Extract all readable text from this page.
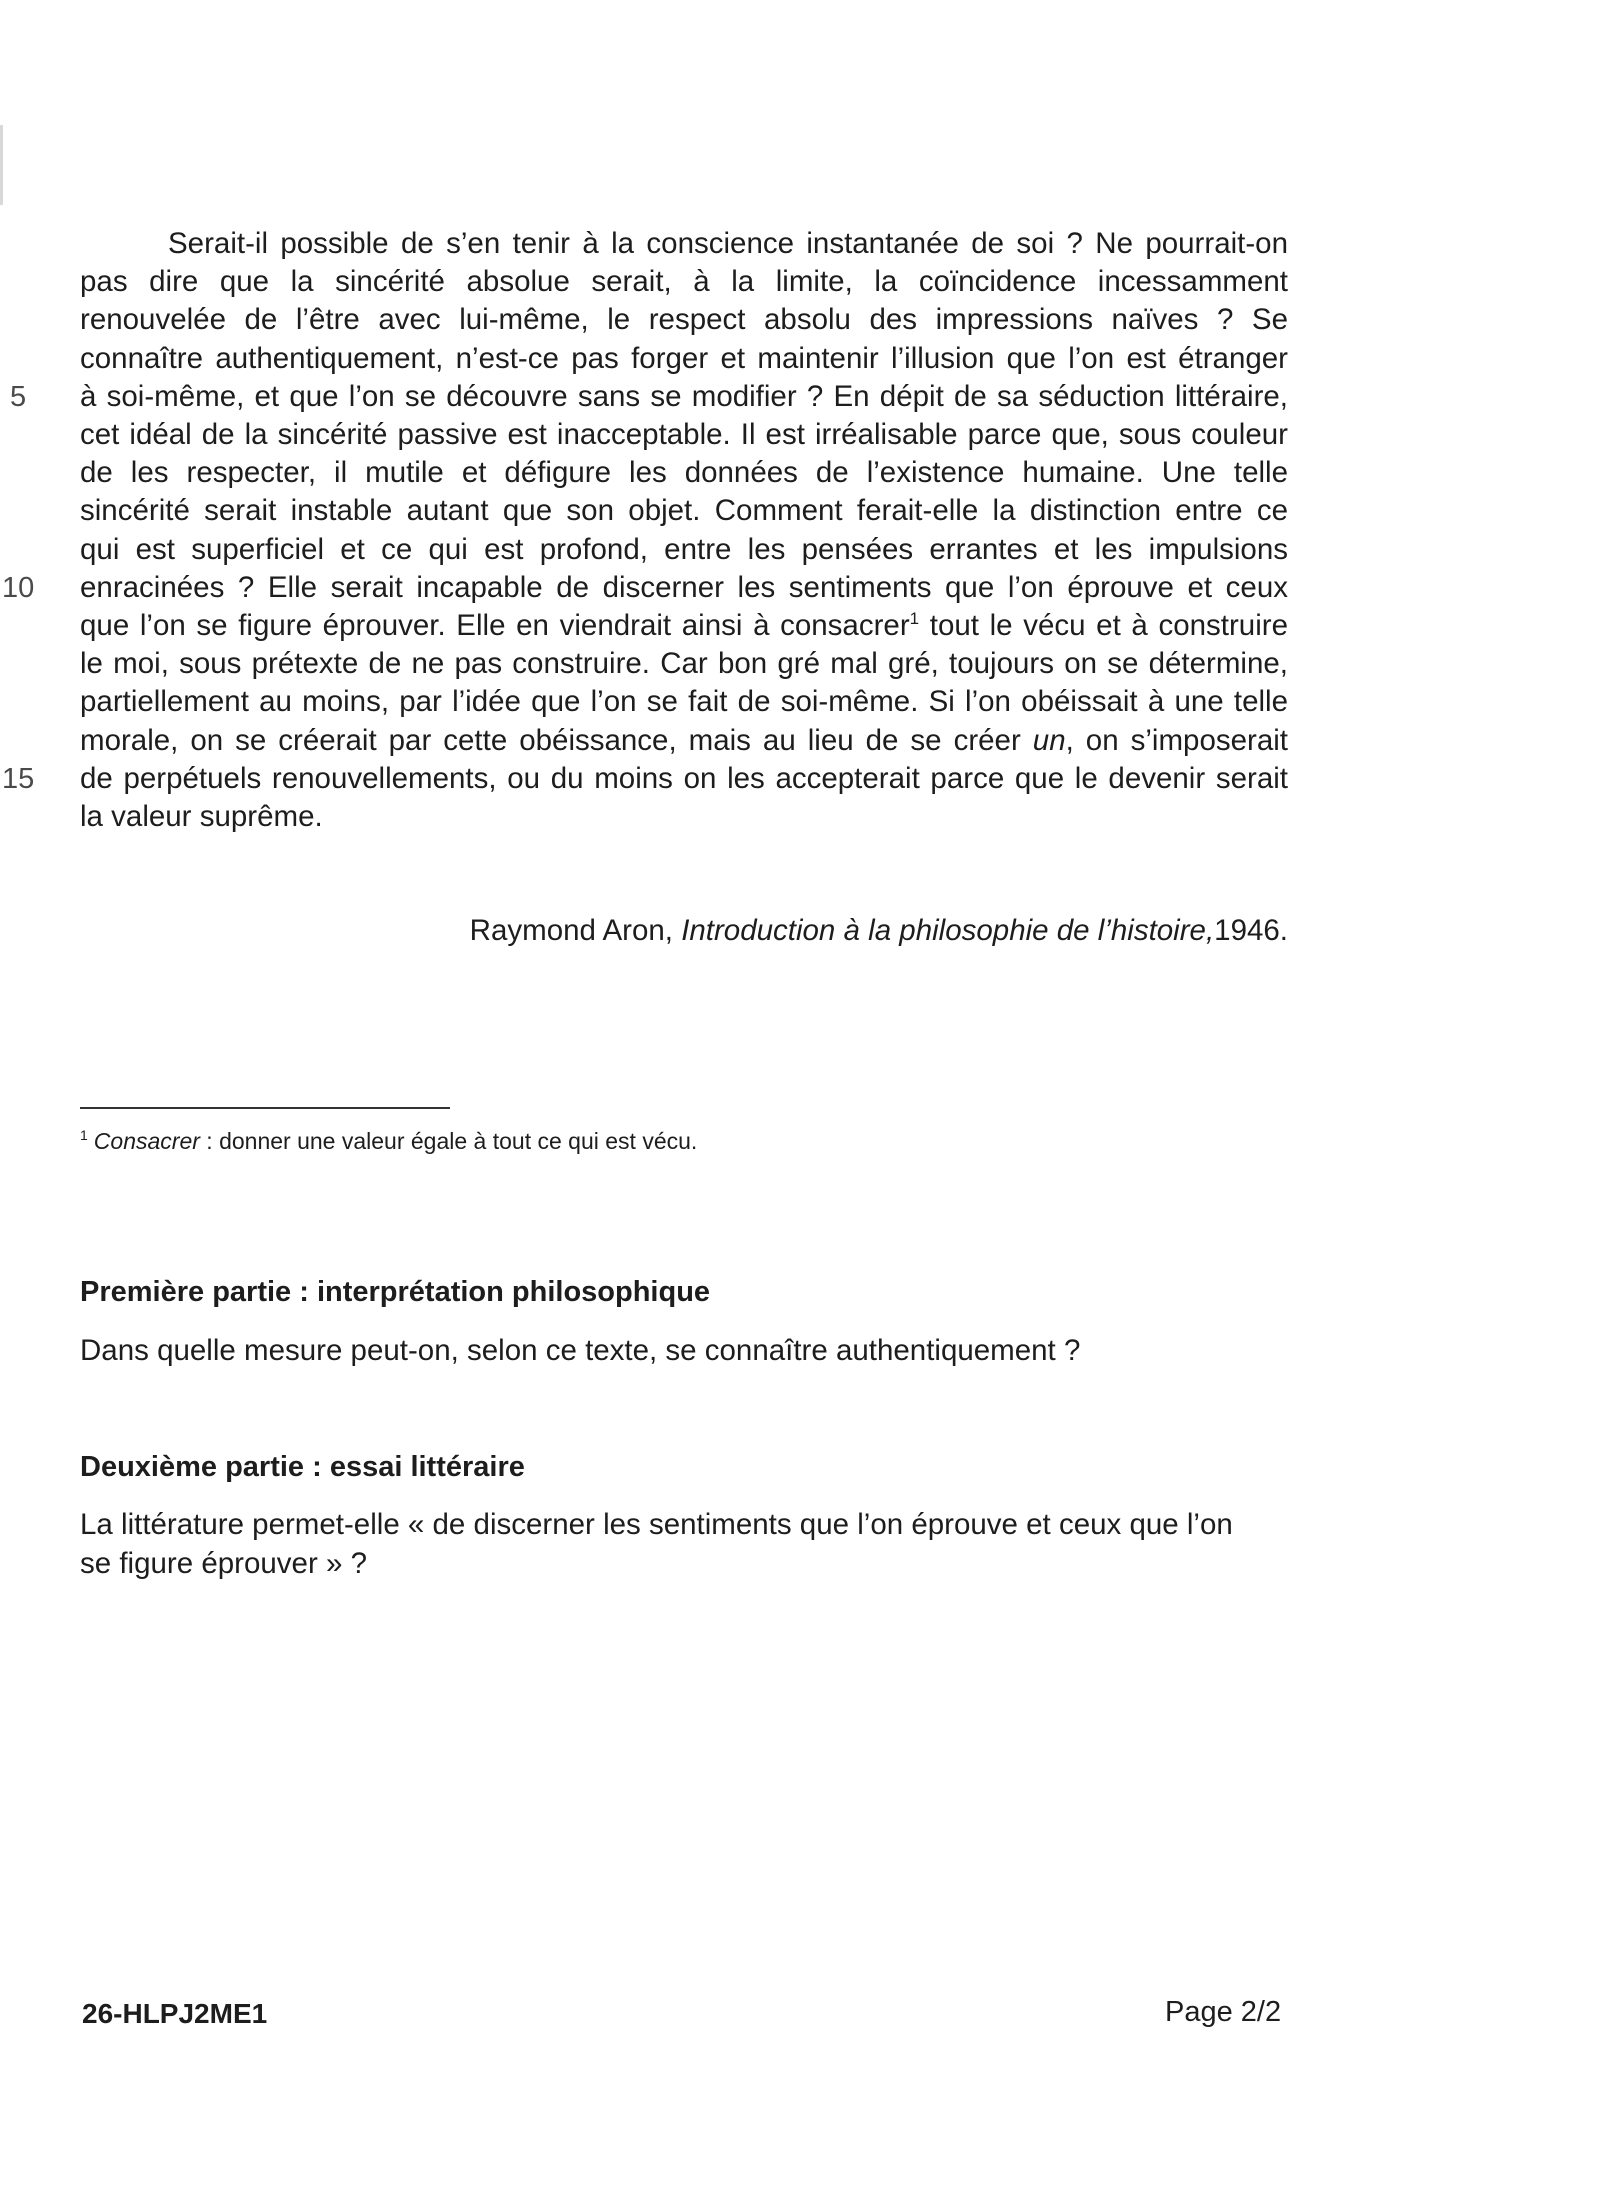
5
10
15
Serait-il possible de s’en tenir à la conscience instantanée de soi ? Ne pourrait-on
pas dire que la sincérité absolue serait, à la limite, la coïncidence incessamment
renouvelée de l’être avec lui-même, le respect absolu des impressions naïves ? Se
connaître authentiquement, n’est-ce pas forger et maintenir l’illusion que l’on est étranger
à soi-même, et que l’on se découvre sans se modifier ? En dépit de sa séduction littéraire,
cet idéal de la sincérité passive est inacceptable. Il est irréalisable parce que, sous couleur
de les respecter, il mutile et défigure les données de l’existence humaine. Une telle
sincérité serait instable autant que son objet. Comment ferait-elle la distinction entre ce
qui est superficiel et ce qui est profond, entre les pensées errantes et les impulsions
enracinées ? Elle serait incapable de discerner les sentiments que l’on éprouve et ceux
que l’on se figure éprouver. Elle en viendrait ainsi à consacrer$^1$ tout le vécu et à construire
le moi, sous prétexte de ne pas construire. Car bon gré mal gré, toujours on se détermine,
partiellement au moins, par l’idée que l’on se fait de soi-même. Si l’on obéissait à une telle
morale, on se créerait par cette obéissance, mais au lieu de se créer un, on s’imposerait
de perpétuels renouvellements, ou du moins on les accepterait parce que le devenir serait
la valeur suprême.
Raymond Aron, Introduction à la philosophie de l’histoire,1946.
$^1$ Consacrer : donner une valeur égale à tout ce qui est vécu.
Première partie : interprétation philosophique
Dans quelle mesure peut-on, selon ce texte, se connaître authentiquement ?
Deuxième partie : essai littéraire
La littérature permet-elle « de discerner les sentiments que l’on éprouve et ceux que l’on
se figure éprouver » ?
26-HLPJ2ME1	Page 2/2
